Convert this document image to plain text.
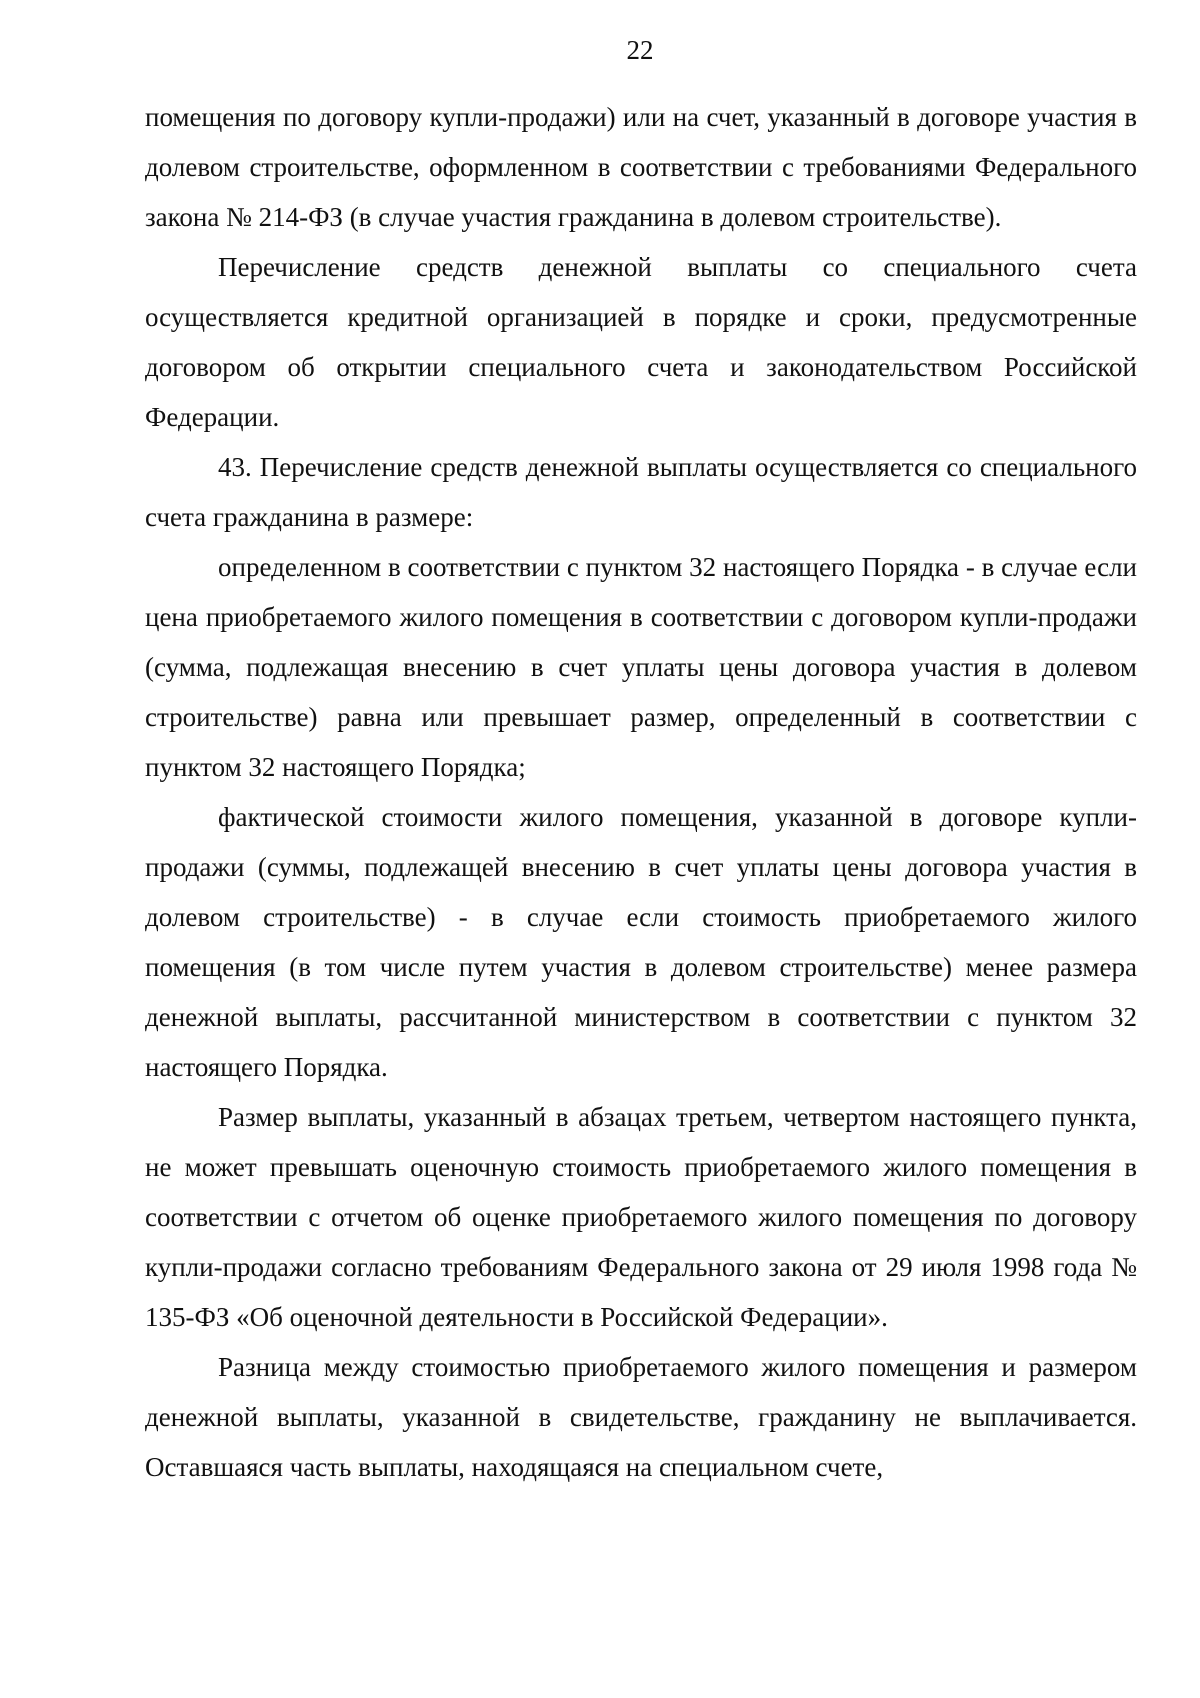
22

помещения по договору купли-продажи) или на счет, указанный в договоре участия в долевом строительстве, оформленном в соответствии с требованиями Федерального закона № 214-ФЗ (в случае участия гражданина в долевом строительстве).

Перечисление средств денежной выплаты со специального счета осуществляется кредитной организацией в порядке и сроки, предусмотренные договором об открытии специального счета и законодательством Российской Федерации.

43. Перечисление средств денежной выплаты осуществляется со специального счета гражданина в размере:

определенном в соответствии с пунктом 32 настоящего Порядка - в случае если цена приобретаемого жилого помещения в соответствии с договором купли-продажи (сумма, подлежащая внесению в счет уплаты цены договора участия в долевом строительстве) равна или превышает размер, определенный в соответствии с пунктом 32 настоящего Порядка;

фактической стоимости жилого помещения, указанной в договоре купли-продажи (суммы, подлежащей внесению в счет уплаты цены договора участия в долевом строительстве) - в случае если стоимость приобретаемого жилого помещения (в том числе путем участия в долевом строительстве) менее размера денежной выплаты, рассчитанной министерством в соответствии с пунктом 32 настоящего Порядка.

Размер выплаты, указанный в абзацах третьем, четвертом настоящего пункта, не может превышать оценочную стоимость приобретаемого жилого помещения в соответствии с отчетом об оценке приобретаемого жилого помещения по договору купли-продажи согласно требованиям Федерального закона от 29 июля 1998 года № 135-ФЗ «Об оценочной деятельности в Российской Федерации».

Разница между стоимостью приобретаемого жилого помещения и размером денежной выплаты, указанной в свидетельстве, гражданину не выплачивается. Оставшаяся часть выплаты, находящаяся на специальном счете,
